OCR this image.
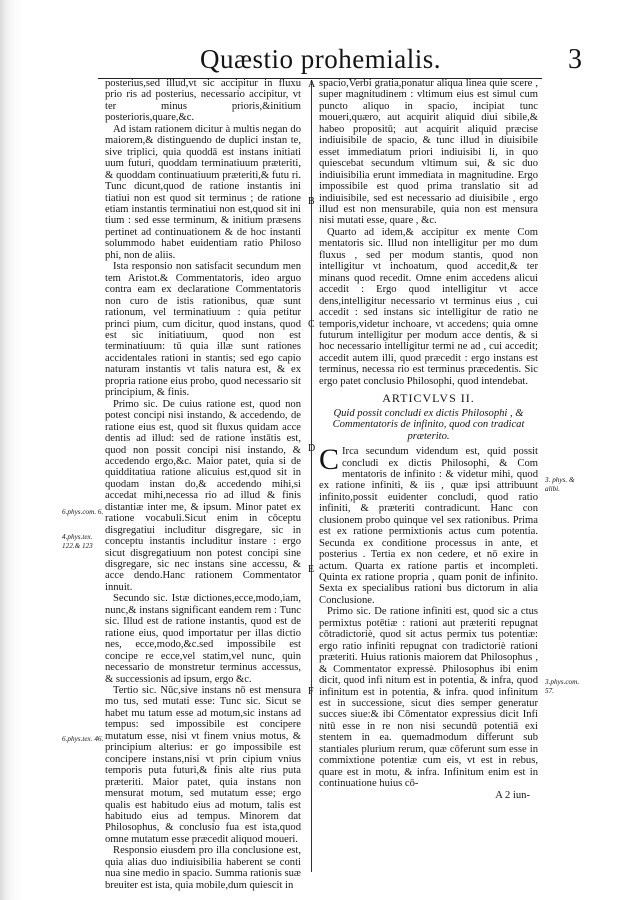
Quæstio prohemialis.	3

posterius,sed illud,vt sic accipitur in fluxu prio ris ad posterius, necessario accipitur, vt ter minus prioris,&initium posterioris,quare,&c.

Ad istam rationem dicitur à multis negan do maiorem,& distinguendo de duplici instan te, sive triplici, quia quoddā est instans initiati uum futuri, quoddam terminatiuum præteriti, & quoddam continuatiuum præteriti,& futu ri. Tunc dicunt,quod de ratione instantis ini tiatiui non est quod sit terminus ; de ratione etiam instantis terminatiui non est,quod sit ini tium : sed esse terminum, & initium præsens pertinet ad continuationem & de hoc instanti solummodo habet euidentiam ratio Philoso phi, non de aliis.

Ista responsio non satisfacit secundum men tem Aristot.& Commentatoris, ideo arguo contra eam ex declaratione Commentatoris non curo de istis rationibus, quæ sunt rationum, vel terminatiuum : quia petitur princi pium, cum dicitur, quod instans, quod est sic initiatiuum, quod non est terminatiuum: tū quia illæ sunt rationes accidentales rationi in stantis; sed ego capio naturam instantis vt talis natura est, & ex propria ratione eius probo, quod necessario sit principium, & finis.

Primo sic. De cuius ratione est, quod non potest concipi nisi instando, & accedendo, de ratione eius est, quod sit fluxus quidam acce dentis ad illud: sed de ratione instātis est, quod non possit concipi nisi instando, & accedendo ergo,&c. Maior patet, quia si de quidditatiua ratione alicuius est,quod sit in quodam instan do,& accedendo mihi,si accedat mihi,necessa rio ad illud & finis distantiæ inter me, & ipsum. Minor patet ex ratione vocabuli.Sicut enim in cōceptu disgregatiui includitur disgregare, sic in conceptu instantis includitur instare : ergo sicut disgregatiuum non potest concipi sine disgregare, sic nec instans sine accessu, & acce dendo.Hanc rationem Commentator innuit.

Secundo sic. Istæ dictiones,ecce,modo,iam, nunc,& instans significant eandem rem : Tunc sic. Illud est de ratione instantis, quod est de ratione eius, quod importatur per illas dictio nes, ecce,modo,&c.sed impossibile est concipe re ecce,vel statim,vel nunc, quin necessario de monstretur terminus accessus, & successionis ad ipsum, ergo &c.

Tertio sic. Nūc,sive instans nō est mensura mo tus, sed mutati esse: Tunc sic. Sicut se habet mu tatum esse ad motum,sic instans ad tempus: sed impossibile est concipere mutatum esse, nisi vt finem vnius motus, & principium alterius: er go impossibile est concipere instans,nisi vt prin cipium vnius temporis puta futuri,& finis alte rius puta præteriti. Maior patet, quia instans non mensurat motum, sed mutatum esse; ergo qualis est habitudo eius ad motum, talis est habitudo eius ad tempus. Minorem dat Philosophus, & conclusio fua est ista,quod omne mutatum esse præcedit aliquod moueri.

Responsio eiusdem pro illa conclusione est, quia alias duo indiuisibilia haberent se conti nua sine medio in spacio. Summa rationis suæ breuiter est ista, quia mobile,dum quiescit in

6.phys.com. 6.
4.phys.tex. 122.& 123
6.phys.tex. 46.
A
B
C
D
E
F

spacio,Verbi gratia,ponatur aliqua linea quie scere , super magnitudinem : vltimum eius est simul cum puncto aliquo in spacio, incipiat tunc moueri,quæro, aut acquirit aliquid diui sibile,& habeo propositū; aut acquirit aliquid præcise indiuisibile de spacio, & tunc illud in diuisibile esset immediatum priori indiuisibi li, in quo quiescebat secundum vltimum sui, & sic duo indiuisibilia erunt immediata in magnitudine. Ergo impossibile est quod prima translatio sit ad indiuisibile, sed est necessario ad diuisibile , ergo illud est non mensurabile, quia non est mensura nisi mutati esse, quare , &c.

Quarto ad idem,& accipitur ex mente Com mentatoris sic. Illud non intelligitur per mo dum fluxus , sed per modum stantis, quod non intelligitur vt inchoatum, quod accedit,& ter minans quod recedit. Omne enim accedens alicui accedit : Ergo quod intelligitur vt acce dens,intelligitur necessario vt terminus eius , cui accedit : sed instans sic intelligitur de ratio ne temporis,videtur inchoare, vt accedens; quia omne futurum intelligitur per modum acce dentis, & si hoc necessario intelligitur termi ne ad , cui accedit; accedit autem illi, quod præcedit : ergo instans est terminus, necessa rio est terminus præcedentis. Sic ergo patet conclusio Philosophi, quod intendebat.

ARTICVLVS II.
Quid possit concludi ex dictis Philosophi , & Commentatoris de infinito, quod con tradicat præterito.

C Irca secundum videndum est, quid possit concludi ex dictis Philosophi, & Com mentatoris de infinito : & videtur mihi, quod ex ratione infiniti, & iis , quæ ipsi attribuunt infinito,possit euidenter concludi, quod ratio infiniti, & præteriti contradicunt. Hanc con clusionem probo quinque vel sex rationibus. Prima est ex ratione permixtionis actus cum potentia. Secunda ex conditione processus in ante, et posterius . Tertia ex non cedere, et nō exire in actum. Quarta ex ratione partis et incompleti. Quinta ex ratione propria , quam ponit de infinito. Sexta ex specialibus rationi bus dictorum in alia Conclusione.

Primo sic. De ratione infiniti est, quod sic a ctus permixtus potētiæ : rationi aut præteriti repugnat cōtradictoriè, quod sit actus permix tus potentiæ: ergo ratio infiniti repugnat con tradictoriè rationi præteriti. Huius rationis maiorem dat Philosophus , & Commentator expressè. Philosophus ibi enim dicit, quod infi nitum est in potentia, & infra, quod infinitum est in potentia, & infra. quod infinitum est in successione, sicut dies semper generatur succes siue:& ibi Cōmentator expressius dicit Infi nitū esse in re non nisi secundū potentiā exi stentem in ea. quemadmodum differunt sub stantiales plurium rerum, quæ cōferunt sum esse in commixtione potentiæ cum eis, vt est in rebus, quare est in motu, & infra. Infinitum enim est in continuatione huius cō-

A 2 iun-
3. phys. & alibi.
3.phys.com. 57.
